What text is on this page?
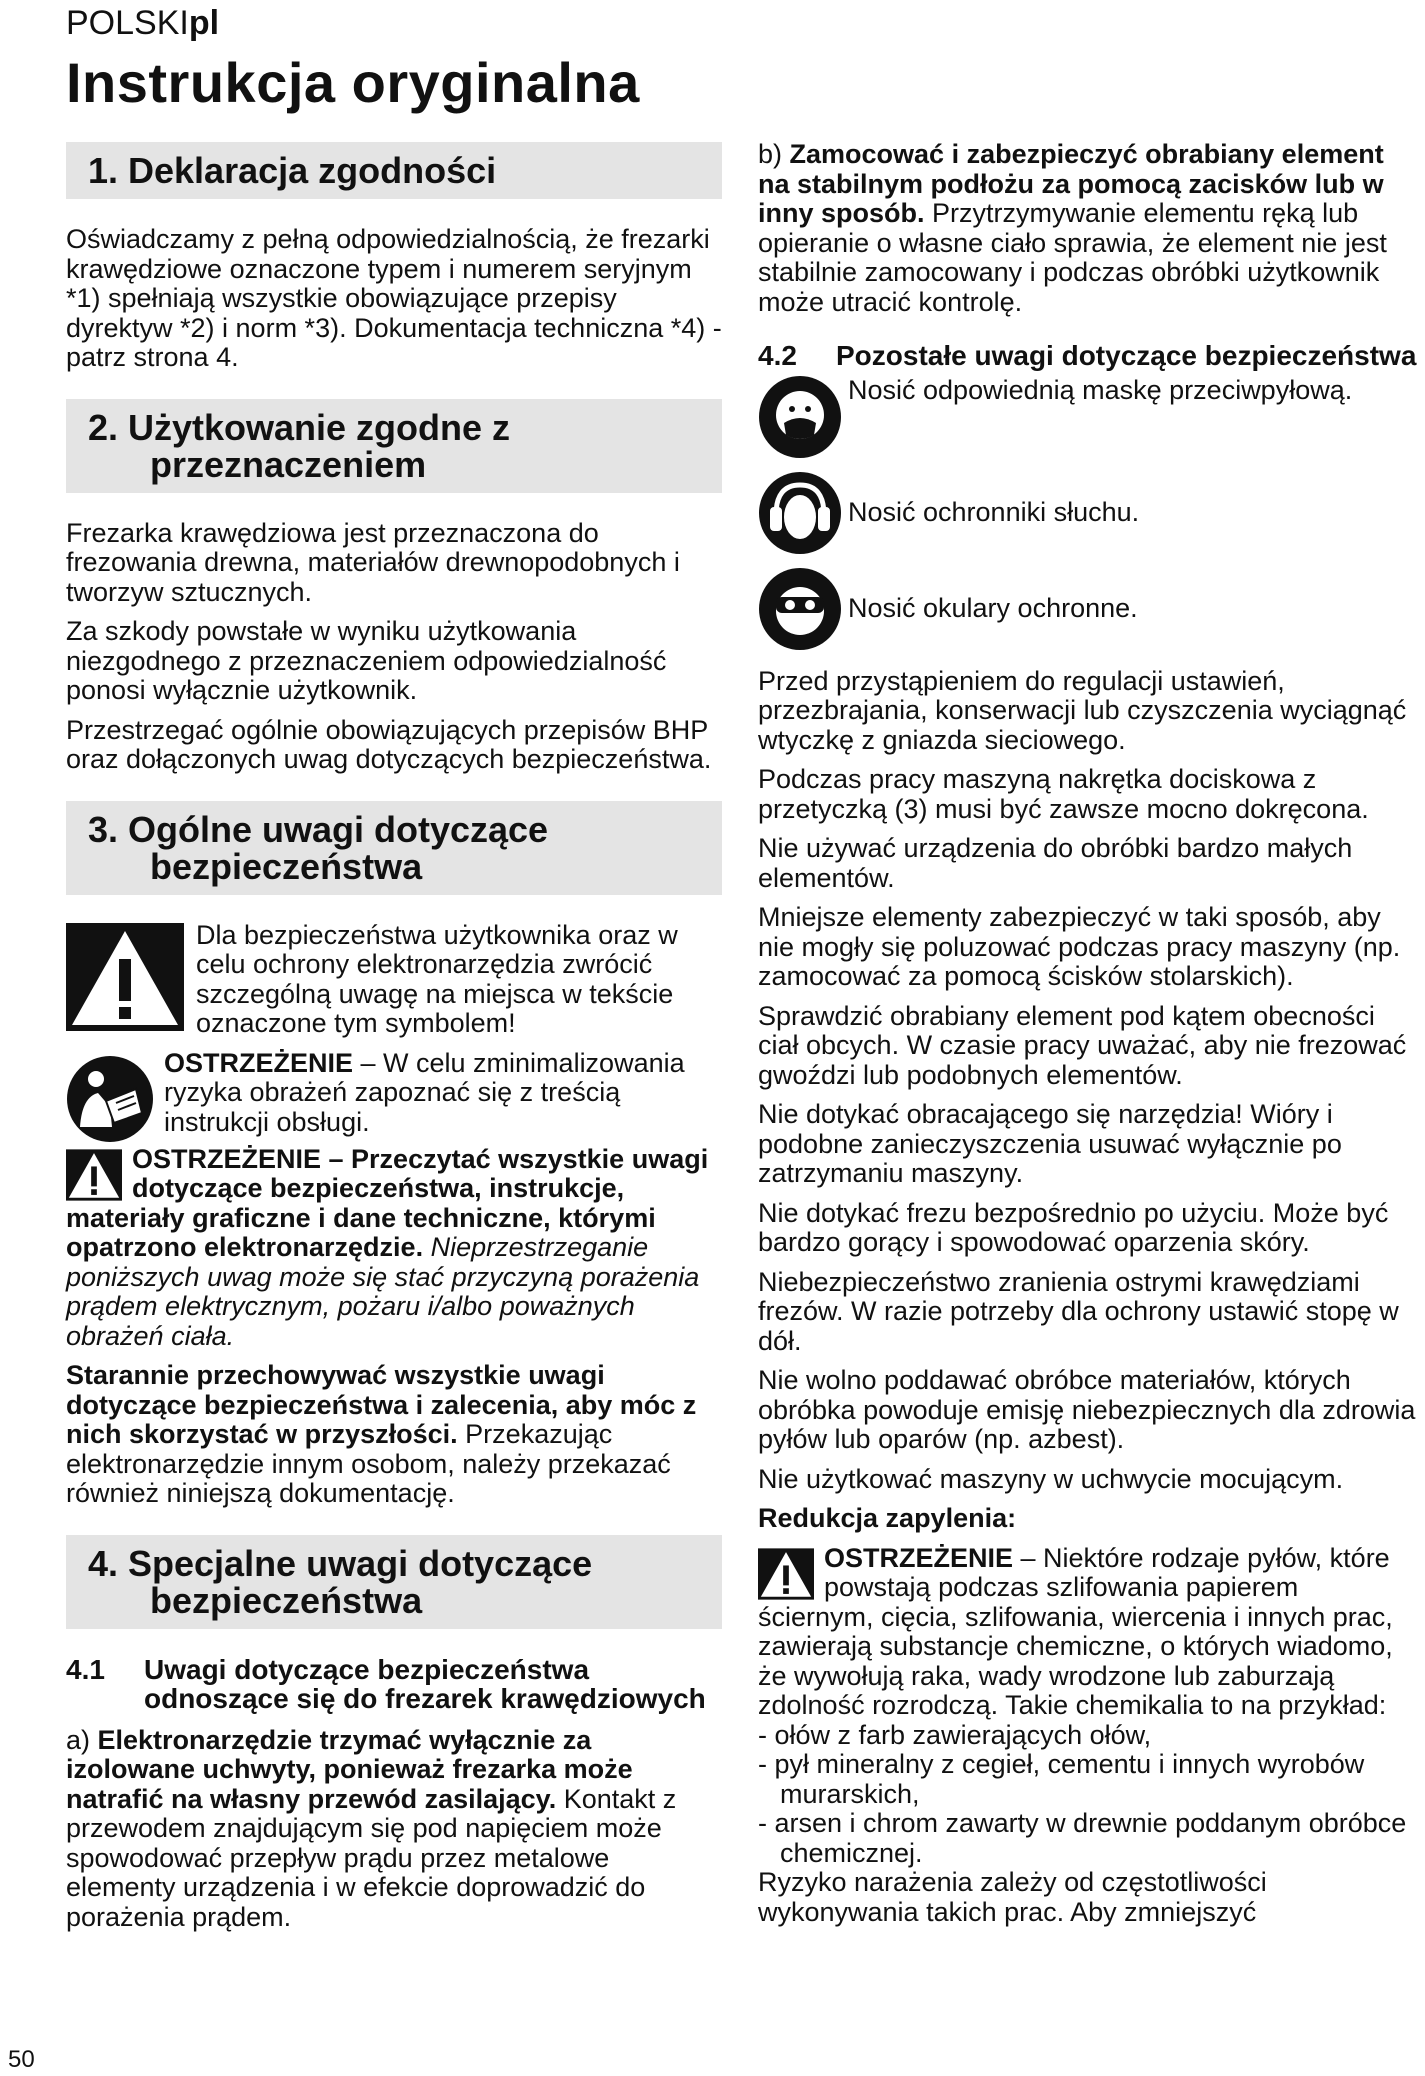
POLSKIpl
Instrukcja oryginalna
1. Deklaracja zgodności

Oświadczamy z pełną odpowiedzialnością, że frezarki krawędziowe oznaczone typem i numerem seryjnym *1) spełniają wszystkie obowiązujące przepisy dyrektyw *2) i norm *3). Dokumentacja techniczna *4) - patrz strona 4.

2. Użytkowanie zgodne z
przeznaczeniem

Frezarka krawędziowa jest przeznaczona do frezowania drewna, materiałów drewnopodobnych i tworzyw sztucznych.

Za szkody powstałe w wyniku użytkowania niezgodnego z przeznaczeniem odpowiedzialność ponosi wyłącznie użytkownik.

Przestrzegać ogólnie obowiązujących przepisów BHP oraz dołączonych uwag dotyczących bezpieczeństwa.

3. Ogólne uwagi dotyczące
bezpieczeństwa

Dla bezpieczeństwa użytkownika oraz w celu ochrony elektronarzędzia zwrócić szczególną uwagę na miejsca w tekście oznaczone tym symbolem!

OSTRZEŻENIE – W celu zminimalizowania ryzyka obrażeń zapoznać się z treścią instrukcji obsługi.

OSTRZEŻENIE – Przeczytać wszystkie uwagi dotyczące bezpieczeństwa, instrukcje, materiały graficzne i dane techniczne, którymi opatrzono elektronarzędzie. Nieprzestrzeganie poniższych uwag może się stać przyczyną porażenia prądem elektrycznym, pożaru i/albo poważnych obrażeń ciała.

Starannie przechowywać wszystkie uwagi dotyczące bezpieczeństwa i zalecenia, aby móc z nich skorzystać w przyszłości. Przekazując elektronarzędzie innym osobom, należy przekazać również niniejszą dokumentację.

4. Specjalne uwagi dotyczące
bezpieczeństwa
4.1	Uwagi dotyczące bezpieczeństwa odnoszące się do frezarek krawędziowych

a) Elektronarzędzie trzymać wyłącznie za izolowane uchwyty, ponieważ frezarka może natrafić na własny przewód zasilający. Kontakt z przewodem znajdującym się pod napięciem może spowodować przepływ prądu przez metalowe elementy urządzenia i w efekcie doprowadzić do porażenia prądem.

b) Zamocować i zabezpieczyć obrabiany element na stabilnym podłożu za pomocą zacisków lub w inny sposób. Przytrzymywanie elementu ręką lub opieranie o własne ciało sprawia, że element nie jest stabilnie zamocowany i podczas obróbki użytkownik może utracić kontrolę.

4.2	Pozostałe uwagi dotyczące bezpieczeństwa
Nosić odpowiednią maskę przeciwpyłową.
Nosić ochronniki słuchu.
Nosić okulary ochronne.

Przed przystąpieniem do regulacji ustawień, przezbrajania, konserwacji lub czyszczenia wyciągnąć wtyczkę z gniazda sieciowego.

Podczas pracy maszyną nakrętka dociskowa z przetyczką (3) musi być zawsze mocno dokręcona.

Nie używać urządzenia do obróbki bardzo małych elementów.

Mniejsze elementy zabezpieczyć w taki sposób, aby nie mogły się poluzować podczas pracy maszyny (np. zamocować za pomocą ścisków stolarskich).

Sprawdzić obrabiany element pod kątem obecności ciał obcych. W czasie pracy uważać, aby nie frezować gwoździ lub podobnych elementów.

Nie dotykać obracającego się narzędzia! Wióry i podobne zanieczyszczenia usuwać wyłącznie po zatrzymaniu maszyny.

Nie dotykać frezu bezpośrednio po użyciu. Może być bardzo gorący i spowodować oparzenia skóry.

Niebezpieczeństwo zranienia ostrymi krawędziami frezów. W razie potrzeby dla ochrony ustawić stopę w dół.

Nie wolno poddawać obróbce materiałów, których obróbka powoduje emisję niebezpiecznych dla zdrowia pyłów lub oparów (np. azbest).

Nie użytkować maszyny w uchwycie mocującym.

Redukcja zapylenia:

OSTRZEŻENIE – Niektóre rodzaje pyłów, które powstają podczas szlifowania papierem ściernym, cięcia, szlifowania, wiercenia i innych prac, zawierają substancje chemiczne, o których wiadomo, że wywołują raka, wady wrodzone lub zaburzają zdolność rozrodczą. Takie chemikalia to na przykład:

- ołów z farb zawierających ołów,
- pył mineralny z cegieł, cementu i innych wyrobów murarskich,
- arsen i chrom zawarty w drewnie poddanym obróbce chemicznej.

Ryzyko narażenia zależy od częstotliwości wykonywania takich prac. Aby zmniejszyć

50
